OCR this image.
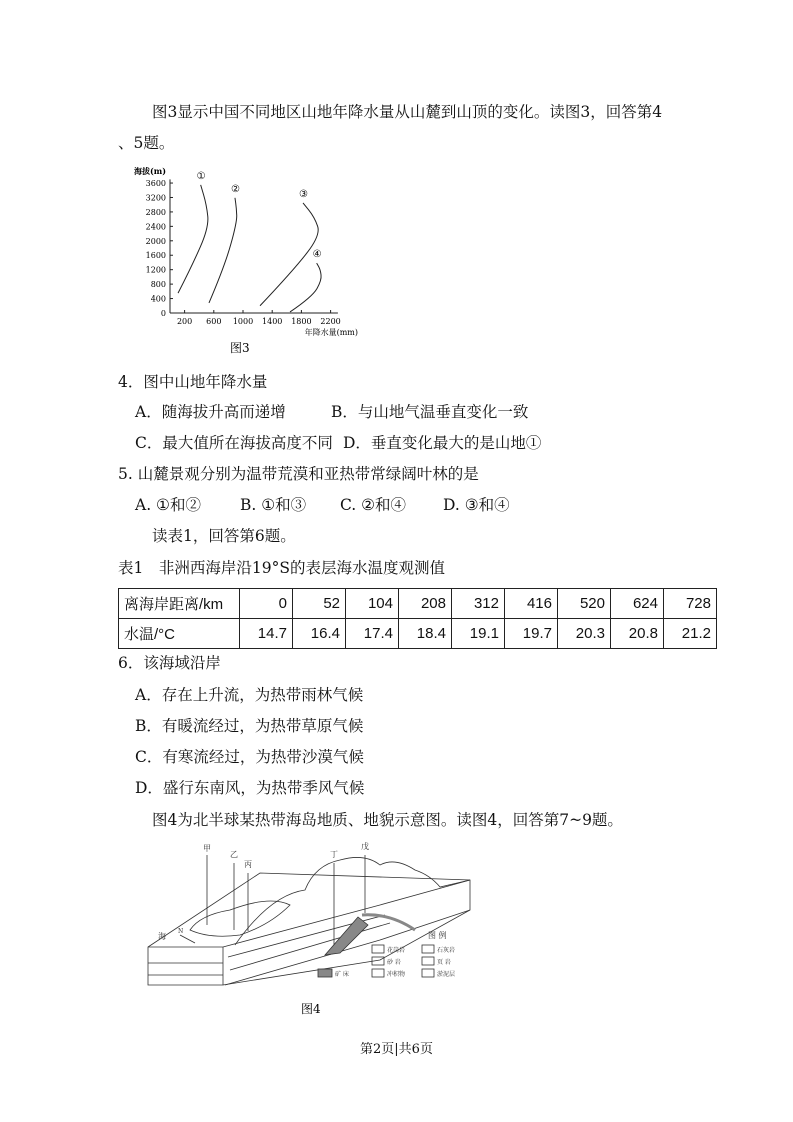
图3显示中国不同地区山地年降水量从山麓到山顶的变化。读图3，回答第4
、5题。
0
400
800
1200
1600
2000
2400
2800
3200
3600
200 600 1000 1400 1800 2200
海拔(m)
年降水量(mm)
图3
①
②	③
④
4．图中山地年降水量
A．随海拔升高而递增	B．与山地气温垂直变化一致
C．最大值所在海拔高度不同 D．垂直变化最大的是山地①
5. 山麓景观分别为温带荒漠和亚热带常绿阔叶林的是
A. ①和②	B. ①和③ C. ②和④ D. ③和④
读表1，回答第6题。
表1　非洲西海岸沿19°S的表层海水温度观测值
离海岸距离/km	0	52	104	208	312	416	520	624	728
水温/°C	14.7	16.4	17.4	18.4	19.1	19.7	20.3	20.8	21.2
6．该海域沿岸
A．存在上升流，为热带雨林气候
B．有暖流经过，为热带草原气候
C．有寒流经过，为热带沙漠气候
D．盛行东南风，为热带季风气候
图4为北半球某热带海岛地质、地貌示意图。读图4，回答第7~9题。
甲
乙
丙
丁
戊
海
N	图 例
花岗岩	石灰岩
砂 岩	页 岩
矿 床	冲积物	淤泥层
图4
第2页|共6页
